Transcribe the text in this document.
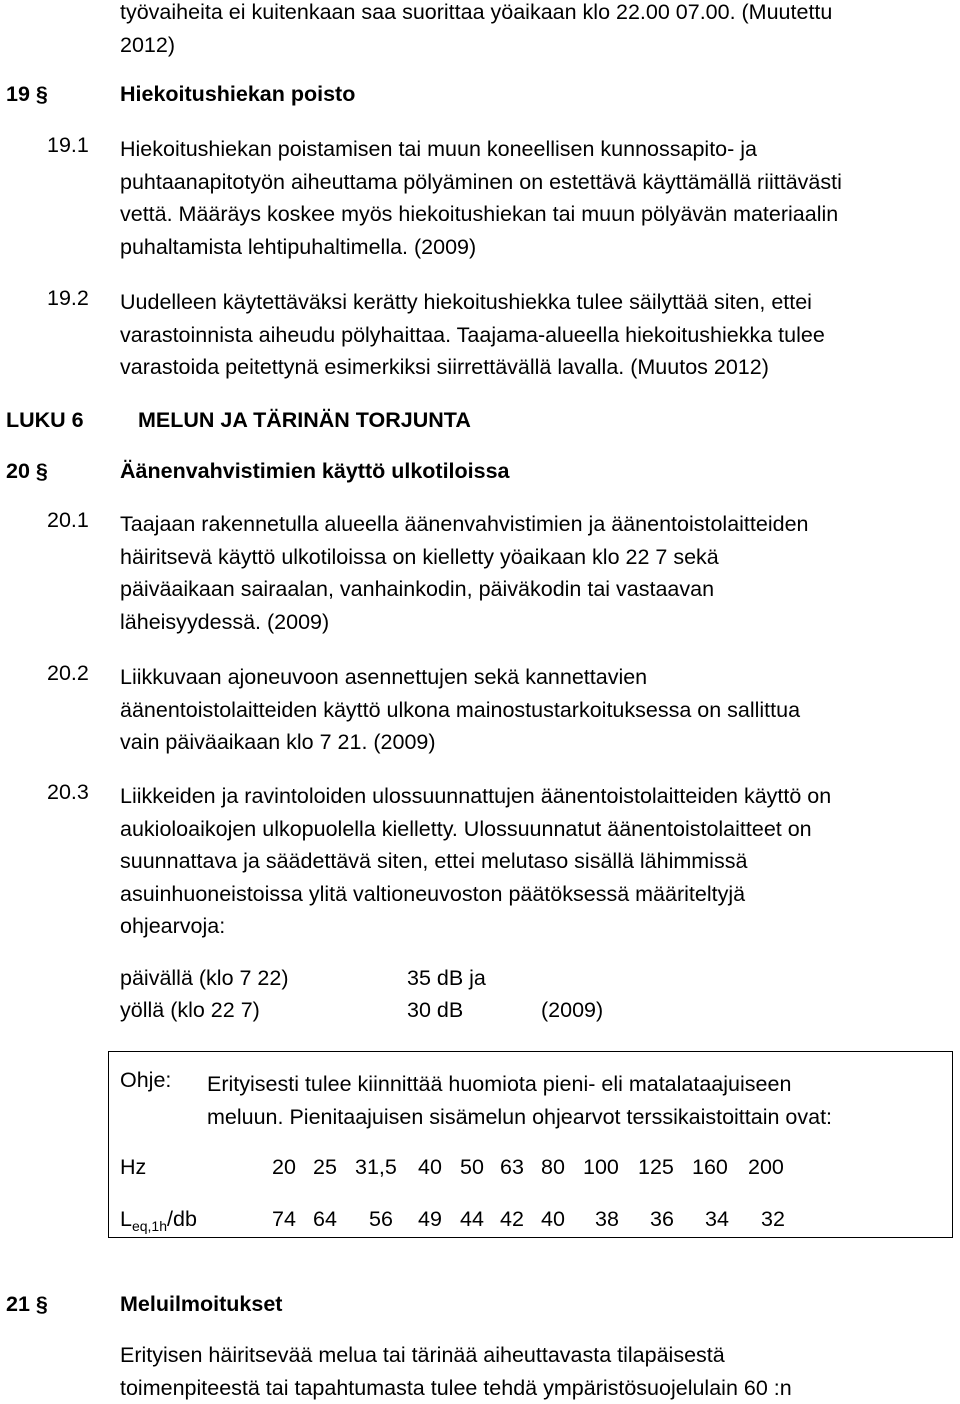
työvaiheita ei kuitenkaan saa suorittaa yöaikaan klo 22.00 07.00. (Muutettu
2012)
19 §	Hiekoitushiekan poisto
19.1 Hiekoitushiekan poistamisen tai muun koneellisen kunnossapito- ja
puhtaanapitotyön aiheuttama pölyäminen on estettävä käyttämällä riittävästi
vettä. Määräys koskee myös hiekoitushiekan tai muun pölyävän materiaalin
puhaltamista lehtipuhaltimella. (2009)
19.2 Uudelleen käytettäväksi kerätty hiekoitushiekka tulee säilyttää siten, ettei
varastoinnista aiheudu pölyhaittaa. Taajama-alueella hiekoitushiekka tulee
varastoida peitettynä esimerkiksi siirrettävällä lavalla. (Muutos 2012)
LUKU 6	MELUN JA TÄRINÄN TORJUNTA
20 §	Äänenvahvistimien käyttö ulkotiloissa
20.1 Taajaan rakennetulla alueella äänenvahvistimien ja äänentoistolaitteiden
häiritsevä käyttö ulkotiloissa on kielletty yöaikaan klo 22 7 sekä
päiväaikaan sairaalan, vanhainkodin, päiväkodin tai vastaavan
läheisyydessä. (2009)
20.2 Liikkuvaan ajoneuvoon asennettujen sekä kannettavien
äänentoistolaitteiden käyttö ulkona mainostustarkoituksessa on sallittua
vain päiväaikaan klo 7 21. (2009)
20.3 Liikkeiden ja ravintoloiden ulossuunnattujen äänentoistolaitteiden käyttö on
aukioloaikojen ulkopuolella kielletty. Ulossuunnatut äänentoistolaitteet on
suunnattava ja säädettävä siten, ettei melutaso sisällä lähimmissä
asuinhuoneistoissa ylitä valtioneuvoston päätöksessä määriteltyjä
ohjearvoja:
päivällä (klo 7 22)	35 dB ja
yöllä (klo 22 7)	30 dB	(2009)
Ohje: Erityisesti tulee kiinnittää huomiota pieni- eli matalataajuiseen
meluun. Pienitaajuisen sisämelun ohjearvot terssikaistoittain ovat:
Hz	20 25 31,5 40 50 63 80 100 125 160 200
$L_{eq,1h}/db$	74 64 56 49 44 42 40 38 36 34 32
21 §	Meluilmoitukset
Erityisen häiritsevää melua tai tärinää aiheuttavasta tilapäisestä
toimenpiteestä tai tapahtumasta tulee tehdä ympäristösuojelulain 60 :n
